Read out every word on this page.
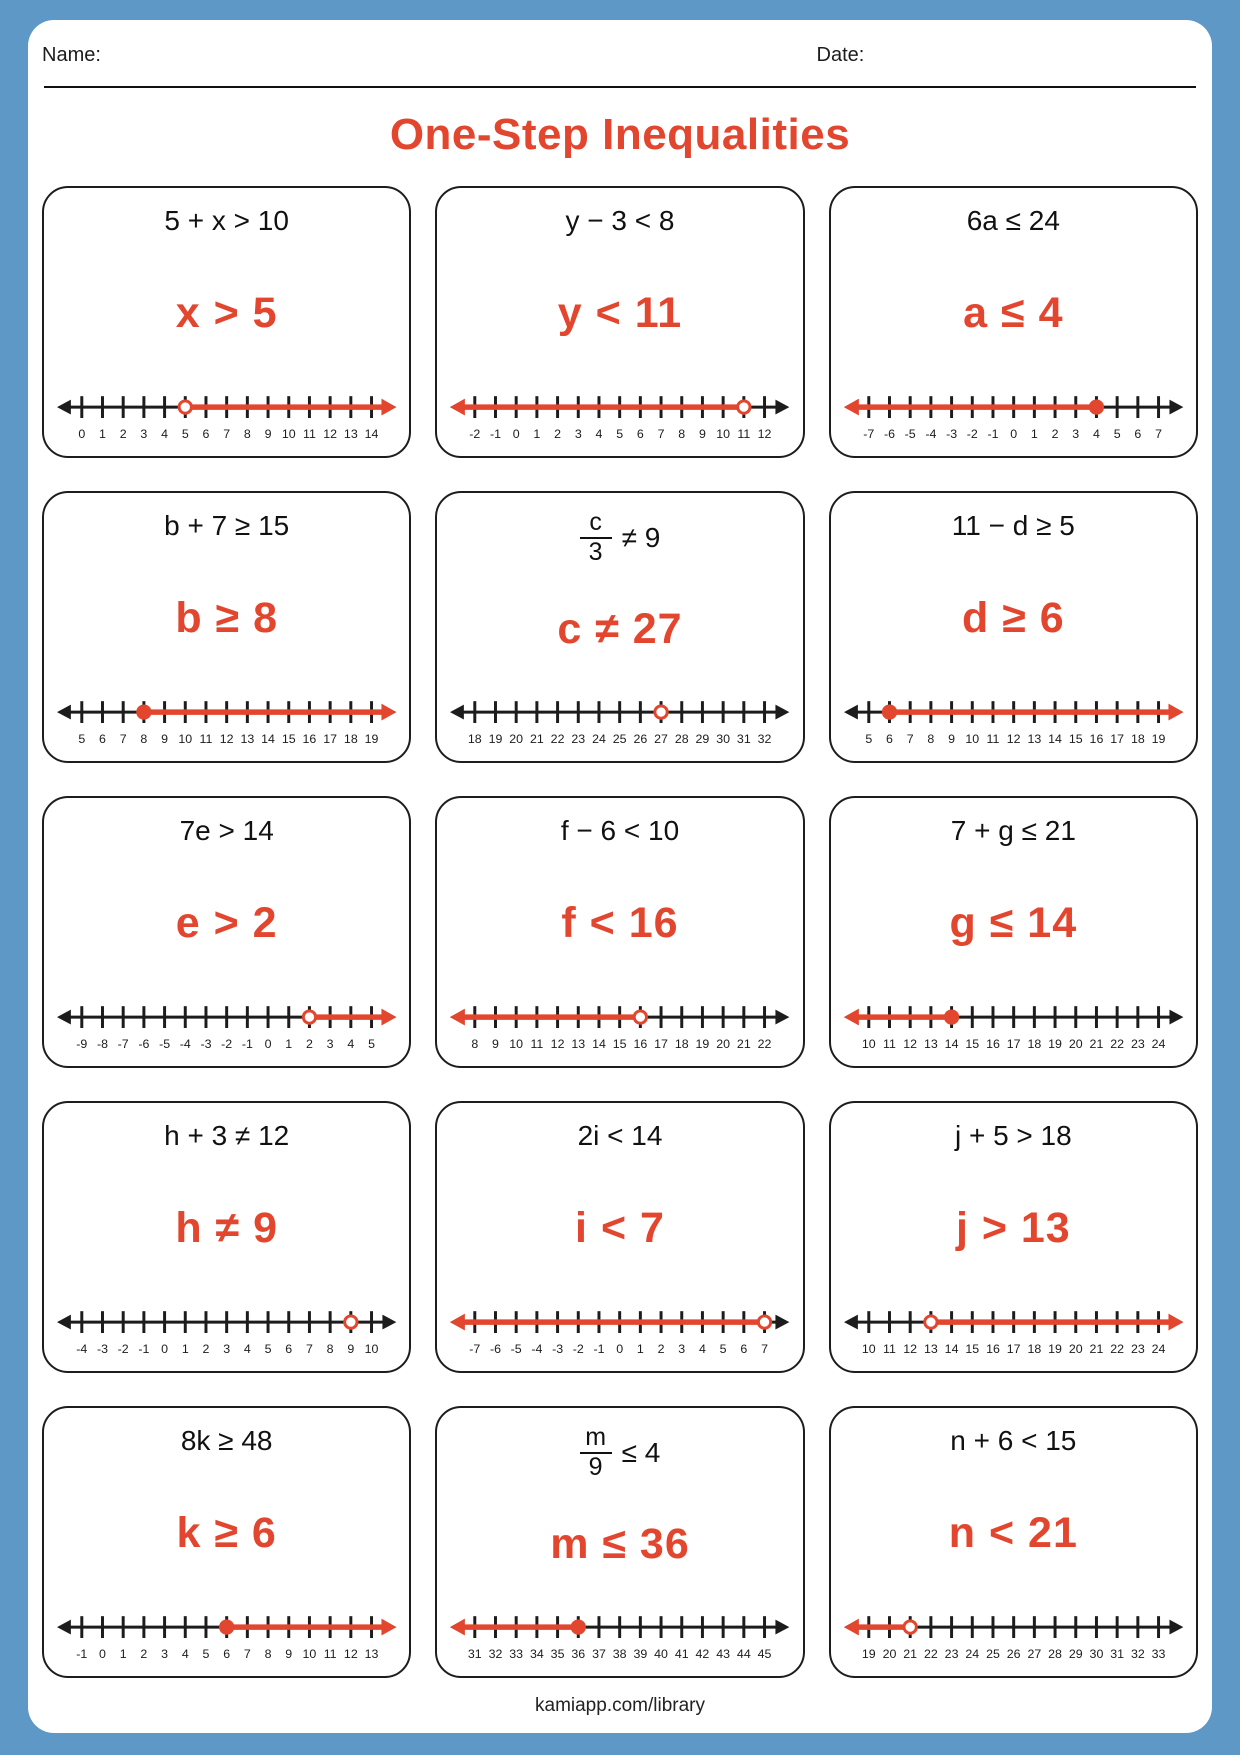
Name:	Date:
One-Step Inequalities
5 + x > 10
x > 5
0 1 2 3 4 5 6 7 8 9 10 11 12 13 14
y − 3 < 8
y < 11
-2 -1 0 1 2 3 4 5 6 7 8 9 10 11 12
6a ≤ 24
a ≤ 4
-7 -6 -5 -4 -3 -2 -1 0 1 2 3 4 5 6 7
b + 7 ≥ 15
b ≥ 8
5 6 7 8 9 10 11 12 13 14 15 16 17 18 19
$\frac{c}{3} \ne 9$
c ≠ 27
18 19 20 21 22 23 24 25 26 27 28 29 30 31 32
11 − d ≥ 5
d ≥ 6
5 6 7 8 9 10 11 12 13 14 15 16 17 18 19
7e > 14
e > 2
-9 -8 -7 -6 -5 -4 -3 -2 -1 0 1 2 3 4 5
f − 6 < 10
f < 16
8 9 10 11 12 13 14 15 16 17 18 19 20 21 22
7 + g ≤ 21
g ≤ 14
10 11 12 13 14 15 16 17 18 19 20 21 22 23 24
h + 3 ≠ 12
h ≠ 9
-4 -3 -2 -1 0 1 2 3 4 5 6 7 8 9 10
2i < 14
i < 7
-7 -6 -5 -4 -3 -2 -1 0 1 2 3 4 5 6 7
j + 5 > 18
j > 13
10 11 12 13 14 15 16 17 18 19 20 21 22 23 24
8k ≥ 48
k ≥ 6
-1 0 1 2 3 4 5 6 7 8 9 10 11 12 13
$\frac{m}{9} \le 4$
m ≤ 36
31 32 33 34 35 36 37 38 39 40 41 42 43 44 45
n + 6 < 15
n < 21
19 20 21 22 23 24 25 26 27 28 29 30 31 32 33
kamiapp.com/library
